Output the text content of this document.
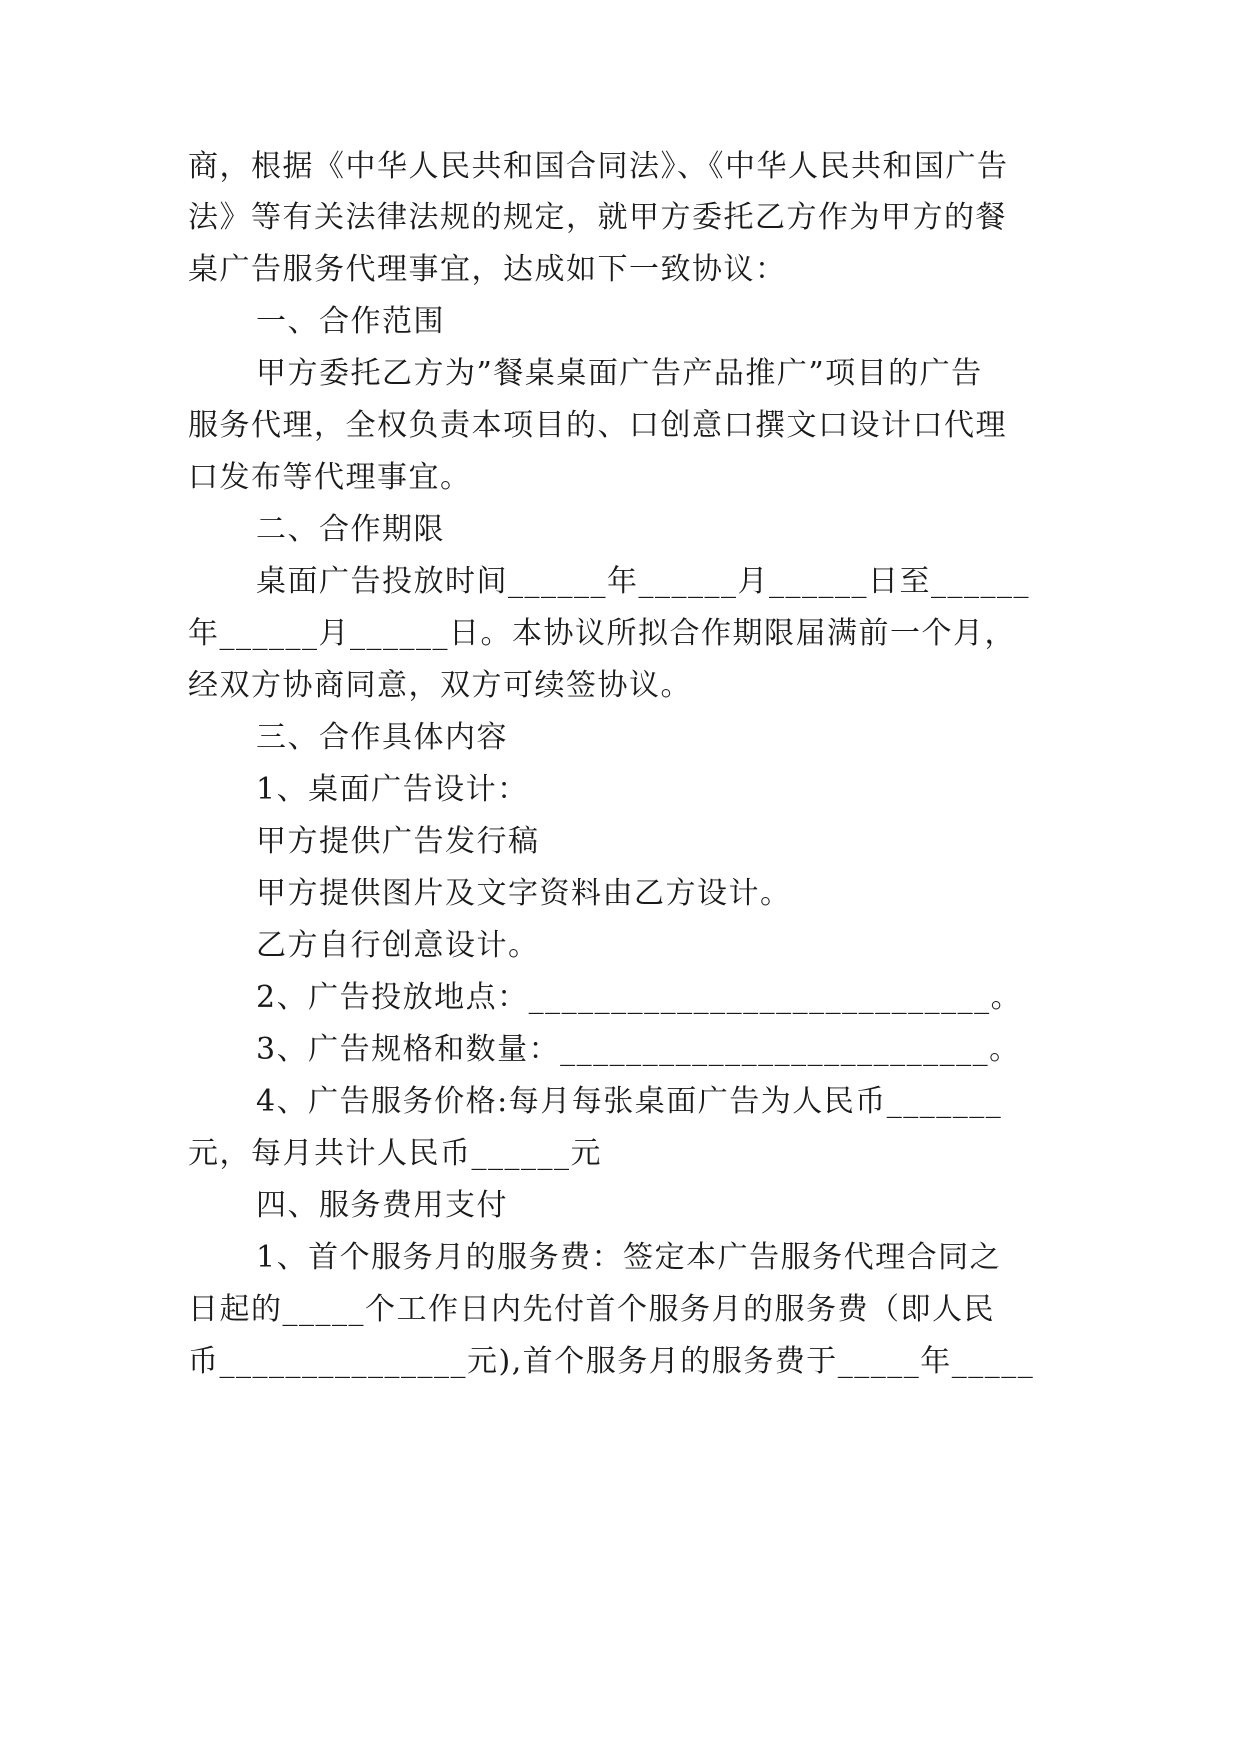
商，根据《中华人民共和国合同法》、《中华人民共和国广告
法》等有关法律法规的规定，就甲方委托乙方作为甲方的餐
桌广告服务代理事宜，达成如下一致协议：
一、合作范围
甲方委托乙方为”餐桌桌面广告产品推广”项目的广告
服务代理，全权负责本项目的、口创意口撰文口设计口代理
口发布等代理事宜。
二、合作期限
桌面广告投放时间______年______月______日至______
年______月______日。本协议所拟合作期限届满前一个月，
经双方协商同意，双方可续签协议。
三、合作具体内容
1、桌面广告设计：
甲方提供广告发行稿
甲方提供图片及文字资料由乙方设计。
乙方自行创意设计。
2、广告投放地点：____________________________。
3、广告规格和数量：__________________________。
4、广告服务价格:每月每张桌面广告为人民币_______
元，每月共计人民币______元
四、服务费用支付
1、首个服务月的服务费：签定本广告服务代理合同之
日起的_____个工作日内先付首个服务月的服务费（即人民
币_______________元),首个服务月的服务费于_____年_____
